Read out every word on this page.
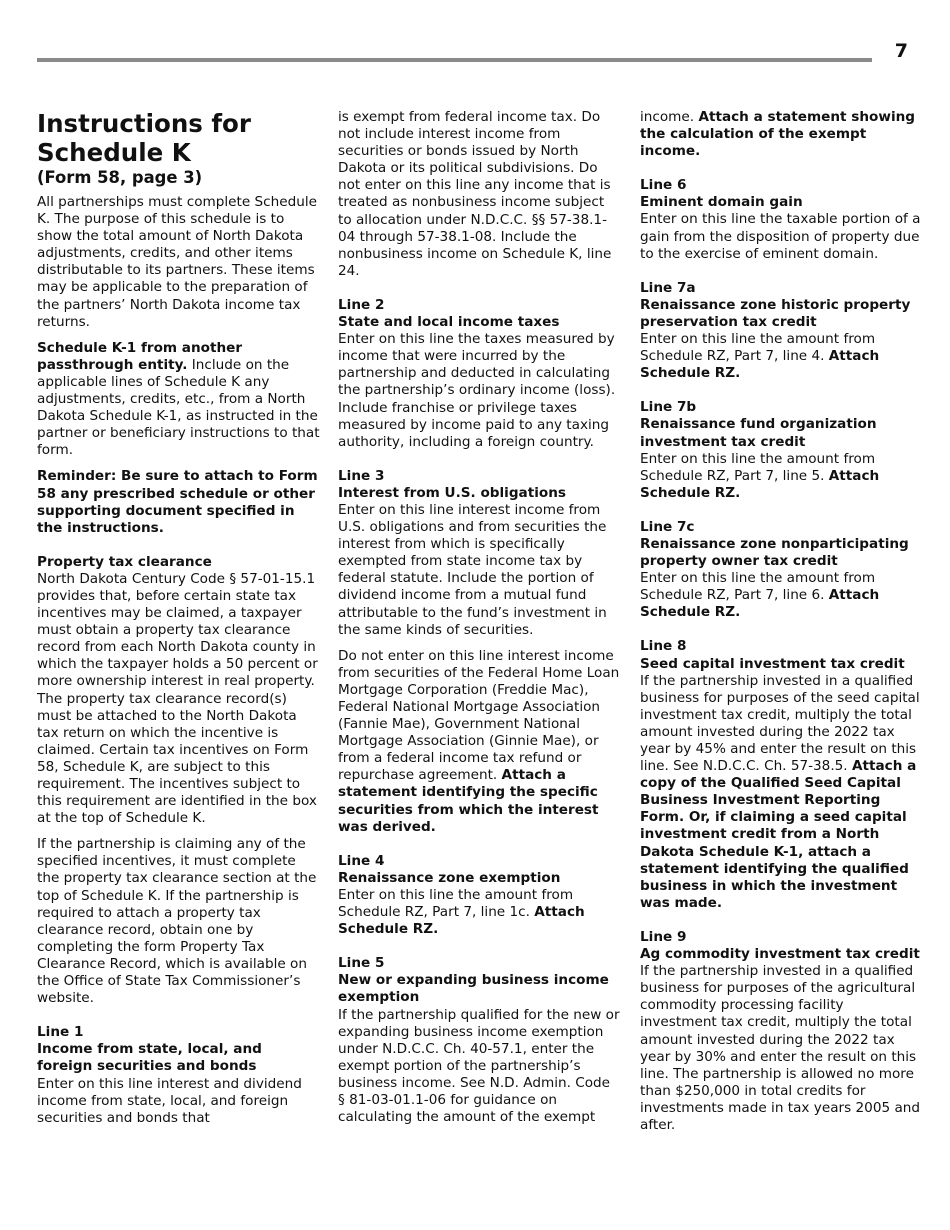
7
Instructions for
Schedule K
(Form 58, page 3)

All partnerships must complete Schedule K. The purpose of this schedule is to show the total amount of North Dakota adjustments, credits, and other items distributable to its partners. These items may be applicable to the preparation of the partners’ North Dakota income tax returns.

Schedule K-1 from another passthrough entity. Include on the applicable lines of Schedule K any adjustments, credits, etc., from a North Dakota Schedule K-1, as instructed in the partner or beneficiary instructions to that form.

Reminder: Be sure to attach to Form 58 any prescribed schedule or other supporting document specified in the instructions.

Property tax clearance

North Dakota Century Code § 57-01-15.1 provides that, before certain state tax incentives may be claimed, a taxpayer must obtain a property tax clearance record from each North Dakota county in which the taxpayer holds a 50 percent or more ownership interest in real property. The property tax clearance record(s) must be attached to the North Dakota tax return on which the incentive is claimed. Certain tax incentives on Form 58, Schedule K, are subject to this requirement. The incentives subject to this requirement are identified in the box at the top of Schedule K.

If the partnership is claiming any of the specified incentives, it must complete the property tax clearance section at the top of Schedule K. If the partnership is required to attach a property tax clearance record, obtain one by completing the form Property Tax Clearance Record, which is available on the Office of State Tax Commissioner’s website.

Line 1
Income from state, local, and foreign securities and bonds

Enter on this line interest and dividend income from state, local, and foreign securities and bonds that

is exempt from federal income tax. Do not include interest income from securities or bonds issued by North Dakota or its political subdivisions. Do not enter on this line any income that is treated as nonbusiness income subject to allocation under N.D.C.C. §§ 57-38.1-04 through 57-38.1-08. Include the nonbusiness income on Schedule K, line 24.

Line 2
State and local income taxes

Enter on this line the taxes measured by income that were incurred by the partnership and deducted in calculating the partnership’s ordinary income (loss). Include franchise or privilege taxes measured by income paid to any taxing authority, including a foreign country.

Line 3
Interest from U.S. obligations

Enter on this line interest income from U.S. obligations and from securities the interest from which is specifically exempted from state income tax by federal statute. Include the portion of dividend income from a mutual fund attributable to the fund’s investment in the same kinds of securities.

Do not enter on this line interest income from securities of the Federal Home Loan Mortgage Corporation (Freddie Mac), Federal National Mortgage Association (Fannie Mae), Government National Mortgage Association (Ginnie Mae), or from a federal income tax refund or repurchase agreement. Attach a statement identifying the specific securities from which the interest was derived.

Line 4
Renaissance zone exemption

Enter on this line the amount from Schedule RZ, Part 7, line 1c. Attach Schedule RZ.

Line 5
New or expanding business income exemption

If the partnership qualified for the new or expanding business income exemption under N.D.C.C. Ch. 40-57.1, enter the exempt portion of the partnership’s business income. See N.D. Admin. Code § 81-03-01.1-06 for guidance on calculating the amount of the exempt

income. Attach a statement showing the calculation of the exempt income.

Line 6
Eminent domain gain

Enter on this line the taxable portion of a gain from the disposition of property due to the exercise of eminent domain.

Line 7a
Renaissance zone historic property preservation tax credit

Enter on this line the amount from Schedule RZ, Part 7, line 4. Attach Schedule RZ.

Line 7b
Renaissance fund organization investment tax credit

Enter on this line the amount from Schedule RZ, Part 7, line 5. Attach Schedule RZ.

Line 7c
Renaissance zone nonparticipating property owner tax credit

Enter on this line the amount from Schedule RZ, Part 7, line 6. Attach Schedule RZ.

Line 8
Seed capital investment tax credit

If the partnership invested in a qualified business for purposes of the seed capital investment tax credit, multiply the total amount invested during the 2022 tax year by 45% and enter the result on this line. See N.D.C.C. Ch. 57-38.5. Attach a copy of the Qualified Seed Capital Business Investment Reporting Form. Or, if claiming a seed capital investment credit from a North Dakota Schedule K-1, attach a statement identifying the qualified business in which the investment was made.

Line 9
Ag commodity investment tax credit

If the partnership invested in a qualified business for purposes of the agricultural commodity processing facility investment tax credit, multiply the total amount invested during the 2022 tax year by 30% and enter the result on this line. The partnership is allowed no more than $250,000 in total credits for investments made in tax years 2005 and after.
